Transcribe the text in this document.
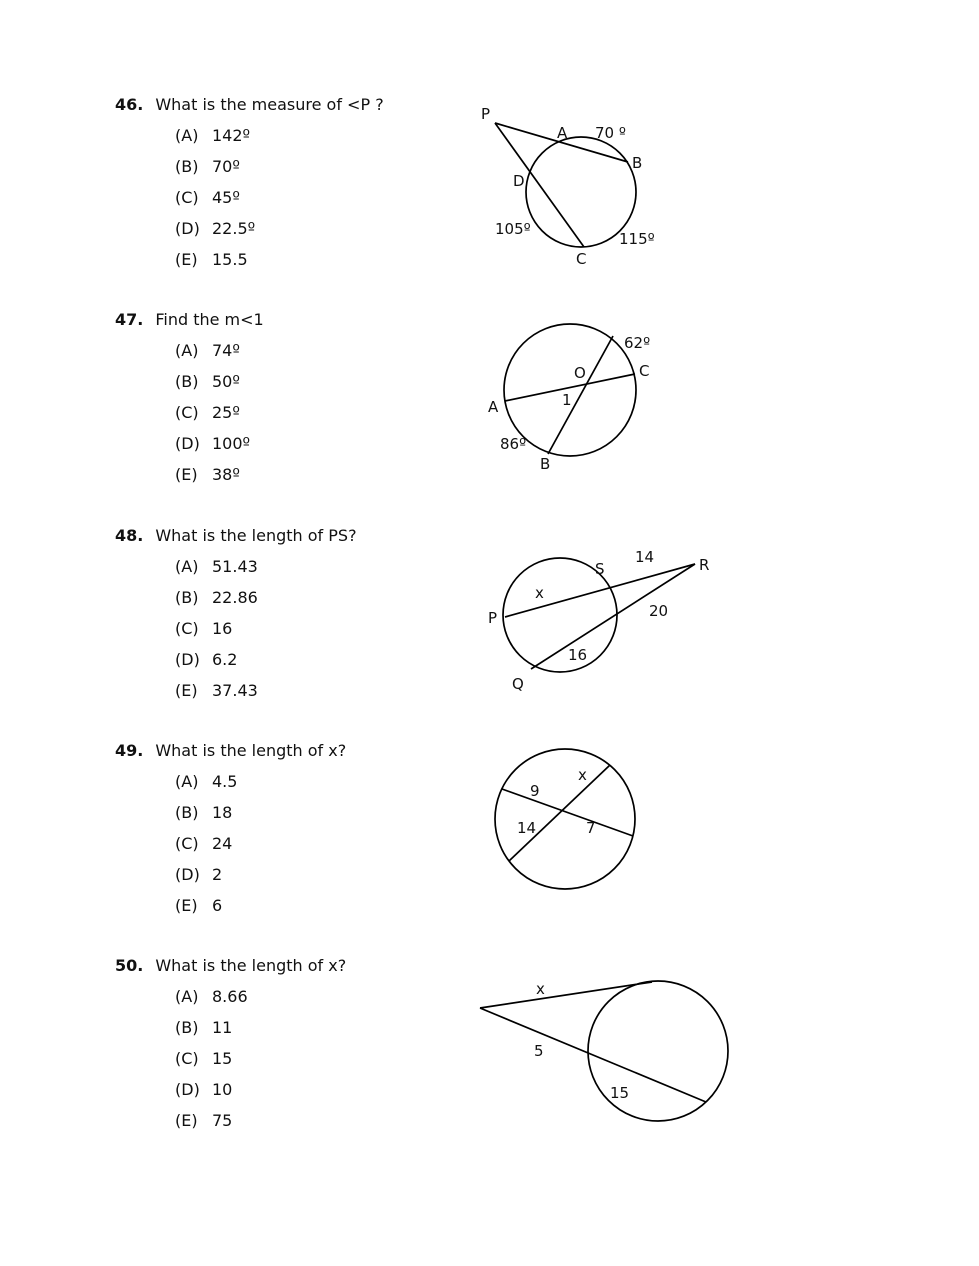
46. What is the measure of <P ?
(A) 142º
(B) 70º
(C) 45º
(D) 22.5º
(E) 15.5
47. Find the m<1
(A) 74º
(B) 50º
(C) 25º
(D) 100º
(E) 38º
48. What is the length of PS?
(A) 51.43
(B) 22.86
(C) 16
(D) 6.2
(E) 37.43
49. What is the length of x?
(A) 4.5
(B) 18
(C) 24
(D) 2
(E) 6
50. What is the length of x?
(A) 8.66
(B) 11
(C) 15
(D) 10
(E) 75
P
A
B
D
C
70 º
105º
115º
62º
C
O
1
A
86º
B
14	R
S
x
20
P
16
Q
x
9
14	7
x
5
15
